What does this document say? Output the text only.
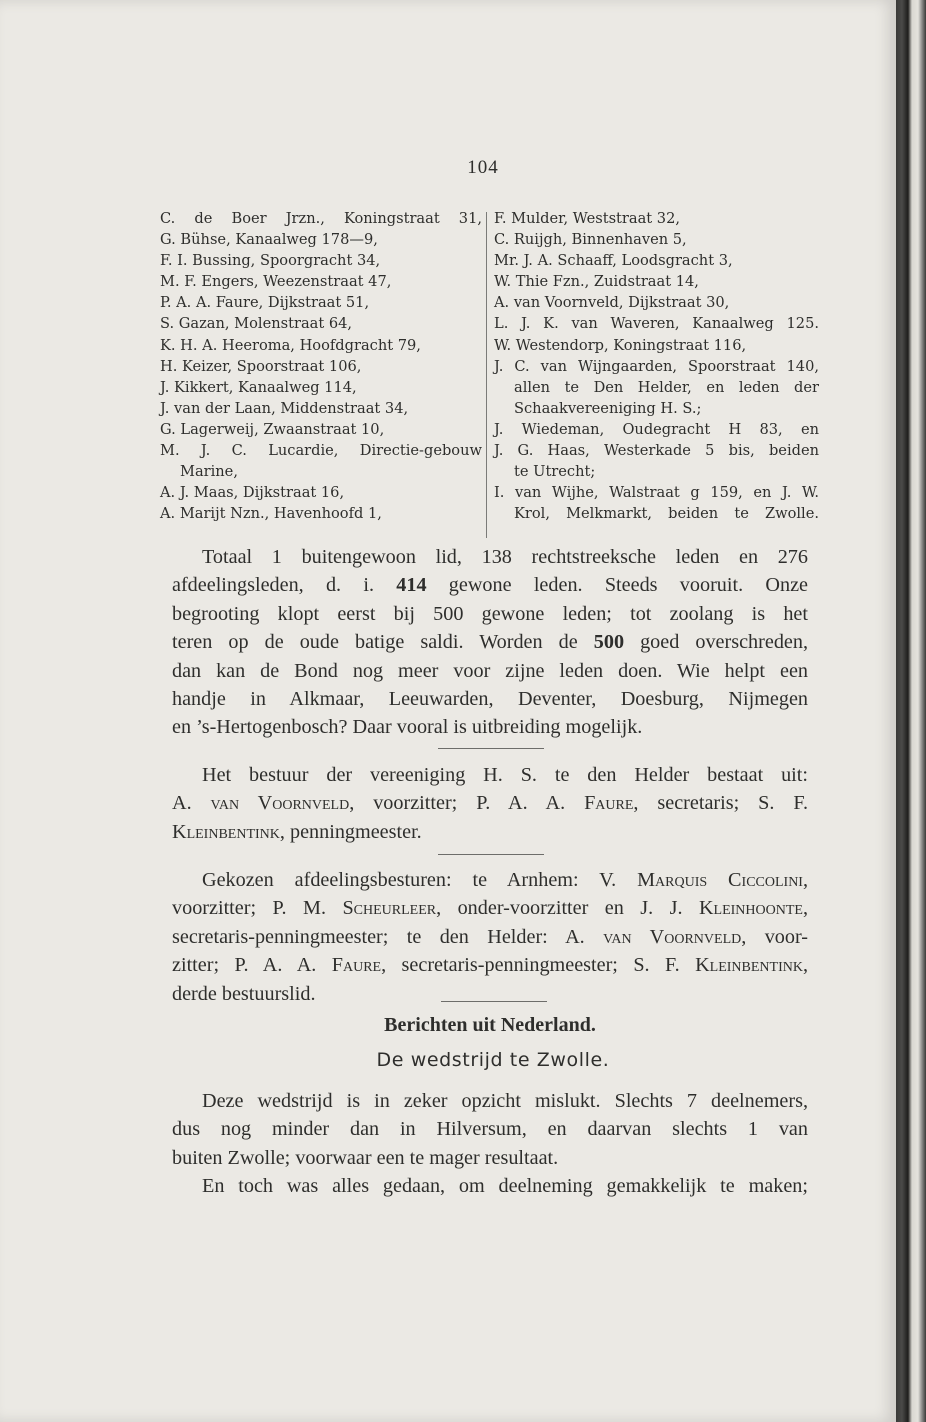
104
C. de Boer Jrzn., Koningstraat 31,
G. Bühse, Kanaalweg 178—9,
F. I. Bussing, Spoorgracht 34,
M. F. Engers, Weezenstraat 47,
P. A. A. Faure, Dijkstraat 51,
S. Gazan, Molenstraat 64,
K. H. A. Heeroma, Hoofdgracht 79,
H. Keizer, Spoorstraat 106,
J. Kikkert, Kanaalweg 114,
J. van der Laan, Middenstraat 34,
G. Lagerweij, Zwaanstraat 10,
M. J. C. Lucardie, Directie-gebouw
Marine,
A. J. Maas, Dijkstraat 16,
A. Marijt Nzn., Havenhoofd 1,
F. Mulder, Weststraat 32,
C. Ruijgh, Binnenhaven 5,
Mr. J. A. Schaaff, Loodsgracht 3,
W. Thie Fzn., Zuidstraat 14,
A. van Voornveld, Dijkstraat 30,
L. J. K. van Waveren, Kanaalweg 125.
W. Westendorp, Koningstraat 116,
J. C. van Wijngaarden, Spoorstraat 140,
allen te Den Helder, en leden der
Schaakvereeniging H. S.;
J. Wiedeman, Oudegracht H 83, en
J. G. Haas, Westerkade 5 bis, beiden
te Utrecht;
I. van Wijhe, Walstraat g 159, en J. W.
Krol, Melkmarkt, beiden te Zwolle.
Totaal 1 buitengewoon lid, 138 rechtstreeksche leden en 276
afdeelingsleden, d. i. 414 gewone leden. Steeds vooruit. Onze
begrooting klopt eerst bij 500 gewone leden; tot zoolang is het
teren op de oude batige saldi. Worden de 500 goed overschreden,
dan kan de Bond nog meer voor zijne leden doen. Wie helpt een
handje in Alkmaar, Leeuwarden, Deventer, Doesburg, Nijmegen
en ’s-Hertogenbosch? Daar vooral is uitbreiding mogelijk.
Het bestuur der vereeniging H. S. te den Helder bestaat uit:
A. van Voornveld, voorzitter; P. A. A. Faure, secretaris; S. F.
Kleinbentink, penningmeester.
Gekozen afdeelingsbesturen: te Arnhem: V. Marquis Ciccolini,
voorzitter; P. M. Scheurleer, onder-voorzitter en J. J. Kleinhoonte,
secretaris-penningmeester; te den Helder: A. van Voornveld, voor-
zitter; P. A. A. Faure, secretaris-penningmeester; S. F. Kleinbentink,
derde bestuurslid.
Berichten uit Nederland.
De wedstrijd te Zwolle.
Deze wedstrijd is in zeker opzicht mislukt. Slechts 7 deelnemers,
dus nog minder dan in Hilversum, en daarvan slechts 1 van
buiten Zwolle; voorwaar een te mager resultaat.
En toch was alles gedaan, om deelneming gemakkelijk te maken;
